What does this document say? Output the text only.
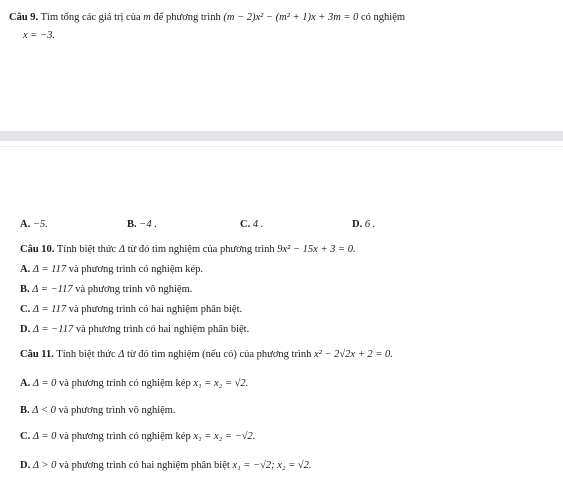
Câu 9. Tìm tổng các giá trị của m để phương trình (m − 2)x² − (m² + 1)x + 3m = 0 có nghiệm
x = −3.
A. −5.	B. −4 .	C. 4 .	D. 6 .
Câu 10. Tính biệt thức Δ từ đó tìm nghiệm của phương trình 9x² − 15x + 3 = 0.
A. Δ = 117 và phương trình có nghiệm kép.
B. Δ = −117 và phương trình vô nghiệm.
C. Δ = 117 và phương trình có hai nghiệm phân biệt.
D. Δ = −117 và phương trình có hai nghiệm phân biệt.
Câu 11. Tính biệt thức Δ từ đó tìm nghiệm (nếu có) của phương trình x² − 2√2x + 2 = 0.
A. Δ = 0 và phương trình có nghiệm kép x₁ = x₂ = √2.
B. Δ < 0 và phương trình vô nghiệm.
C. Δ = 0 và phương trình có nghiệm kép x₁ = x₂ = −√2.
D. Δ > 0 và phương trình có hai nghiệm phân biệt x₁ = −√2; x₂ = √2.
